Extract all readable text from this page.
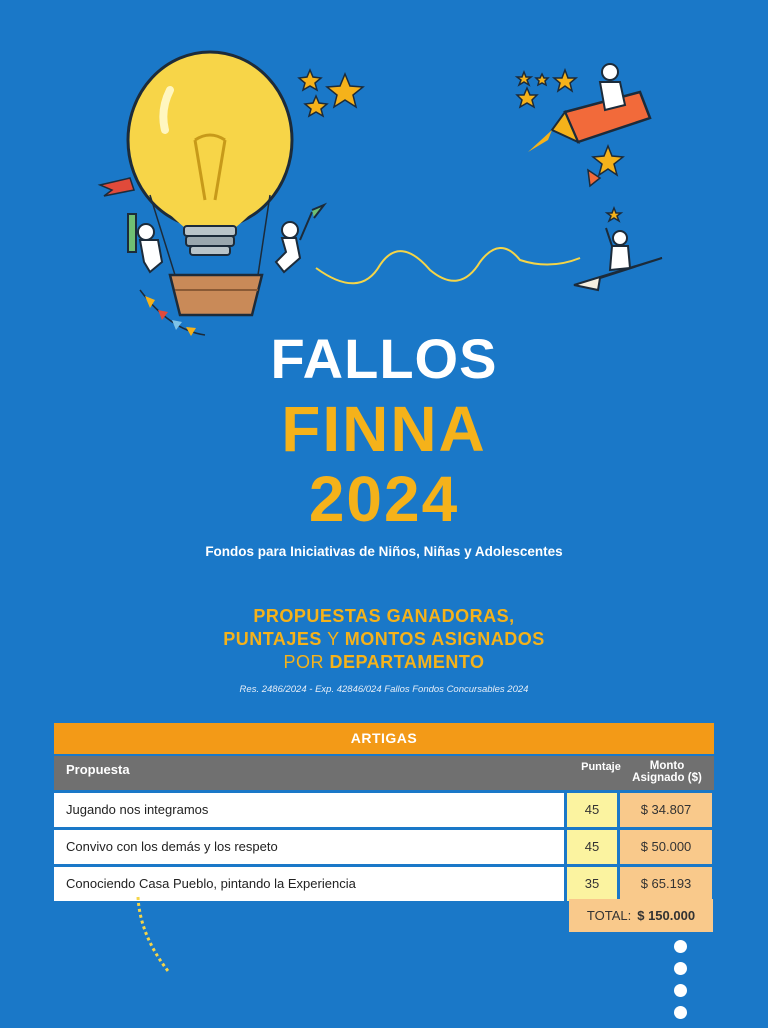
FALLOS
FINNA
2024
Fondos para Iniciativas de Niños, Niñas y Adolescentes
PROPUESTAS GANADORAS,
PUNTAJES Y MONTOS ASIGNADOS
POR DEPARTAMENTO
Res. 2486/2024 - Exp. 42846/024 Fallos Fondos Concursables 2024
ARTIGAS
Propuesta	Puntaje	Monto
Asignado ($)
Jugando nos integramos	45	$ 34.807
Convivo con los demás y los respeto	45	$ 50.000
Conociendo Casa Pueblo, pintando la Experiencia	35	$ 65.193
TOTAL: $ 150.000
